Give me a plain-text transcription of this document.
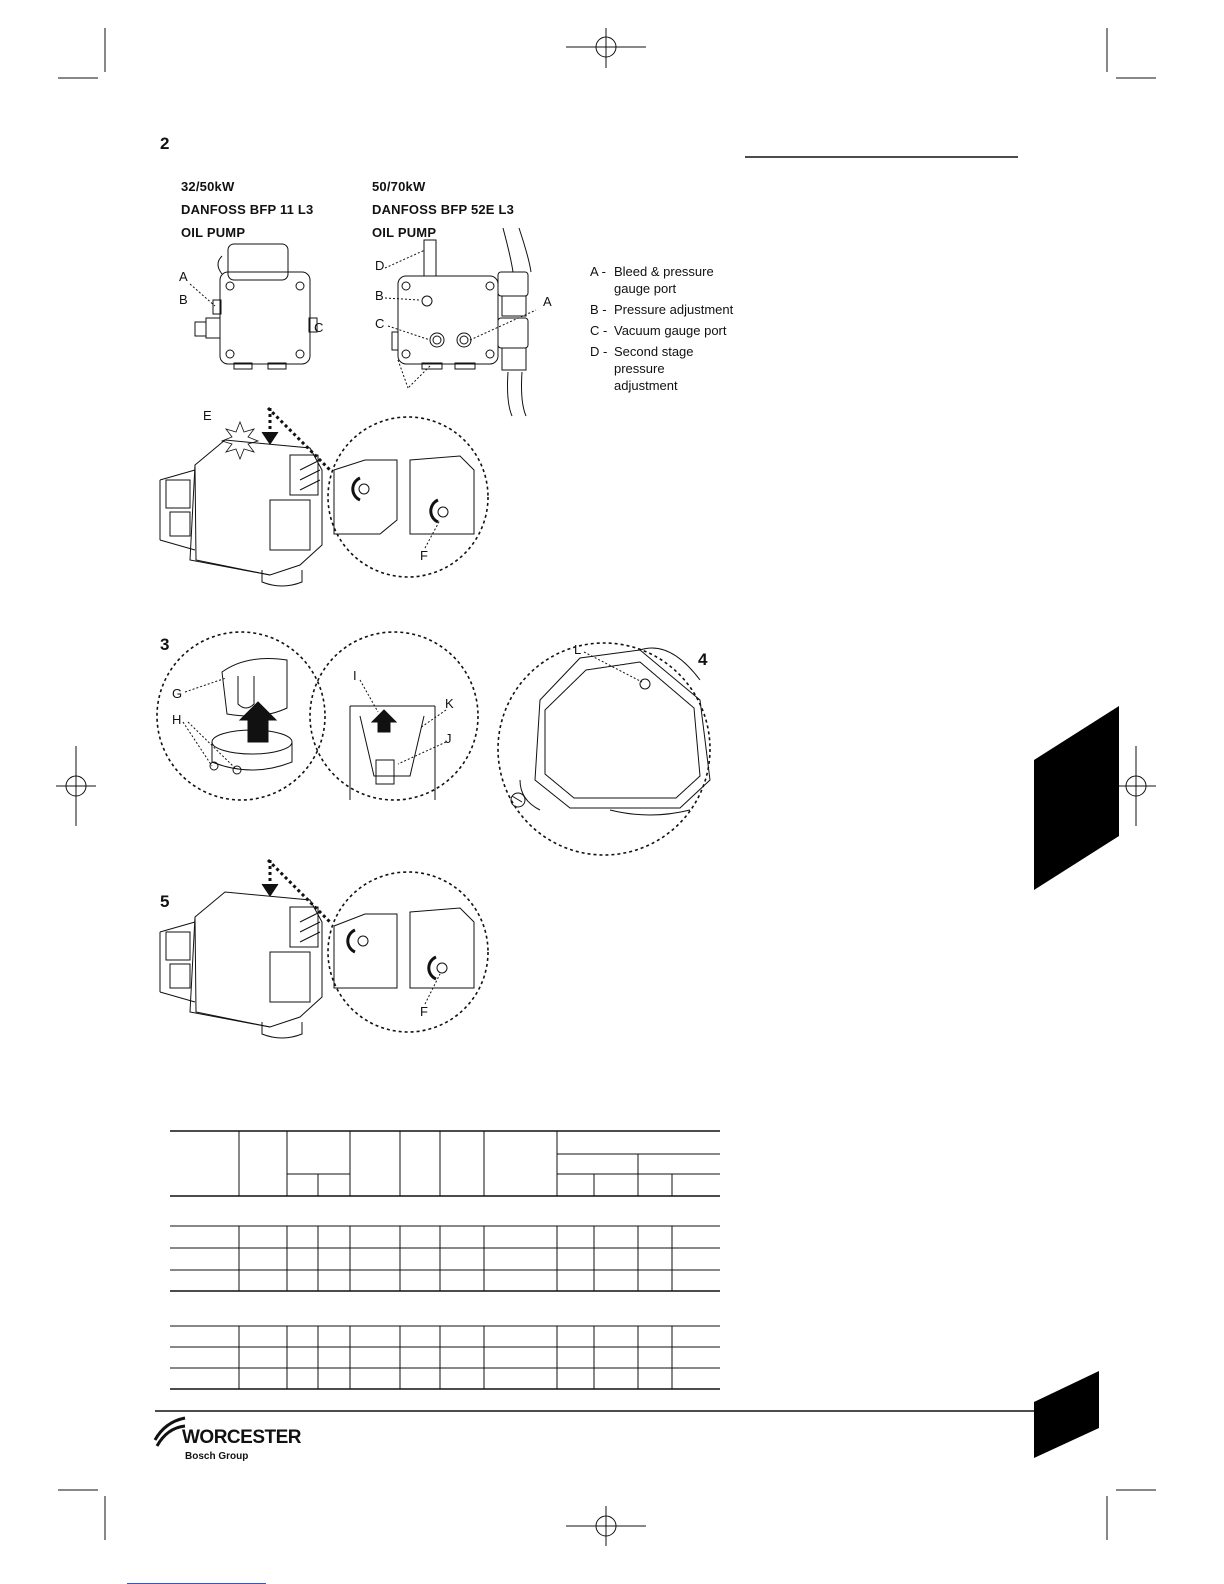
2
3
4
5
32/50kW
DANFOSS BFP 11 L3
OIL PUMP
50/70kW
DANFOSS BFP 52E L3
OIL PUMP
A
B
C
D
B
C
A
E
F
G
H
I
K
J
L
F
A - Bleed & pressure gauge port
B - Pressure adjustment
C - Vacuum gauge port
D - Second stage pressure adjustment
WORCESTER
Bosch Group
